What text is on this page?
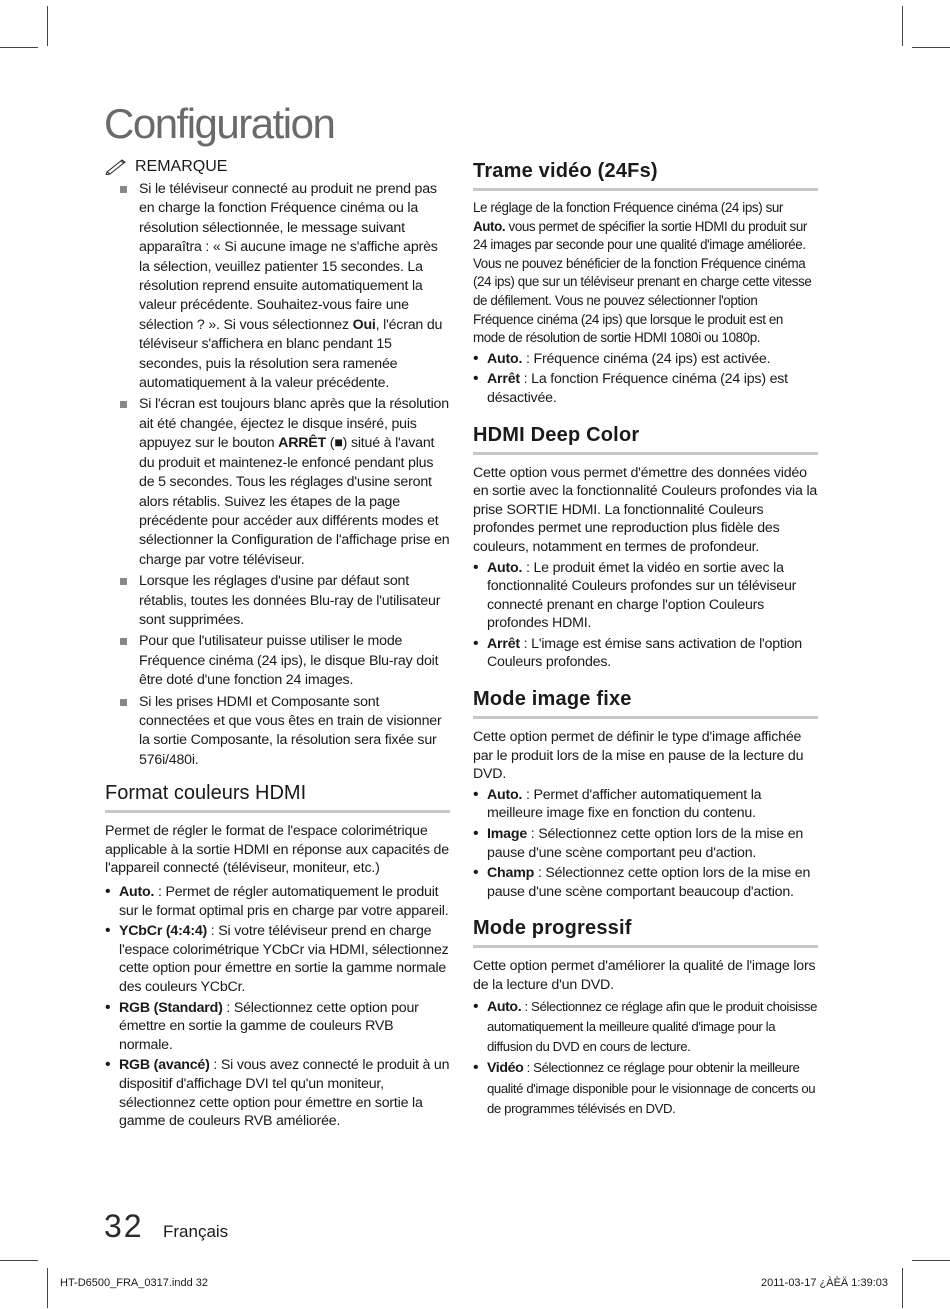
Configuration
REMARQUE
Si le téléviseur connecté au produit ne prend pas en charge la fonction Fréquence cinéma ou la résolution sélectionnée, le message suivant apparaîtra : « Si aucune image ne s'affiche après la sélection, veuillez patienter 15 secondes. La résolution reprend ensuite automatiquement la valeur précédente. Souhaitez-vous faire une sélection ? ». Si vous sélectionnez Oui, l'écran du téléviseur s'affichera en blanc pendant 15 secondes, puis la résolution sera ramenée automatiquement à la valeur précédente.
Si l'écran est toujours blanc après que la résolution ait été changée, éjectez le disque inséré, puis appuyez sur le bouton ARRÊT (■) situé à l'avant du produit et maintenez-le enfoncé pendant plus de 5 secondes. Tous les réglages d'usine seront alors rétablis. Suivez les étapes de la page précédente pour accéder aux différents modes et sélectionner la Configuration de l'affichage prise en charge par votre téléviseur.
Lorsque les réglages d'usine par défaut sont rétablis, toutes les données Blu-ray de l'utilisateur sont supprimées.
Pour que l'utilisateur puisse utiliser le mode Fréquence cinéma (24 ips), le disque Blu-ray doit être doté d'une fonction 24 images.
Si les prises HDMI et Composante sont connectées et que vous êtes en train de visionner la sortie Composante, la résolution sera fixée sur 576i/480i.
Format couleurs HDMI

Permet de régler le format de l'espace colorimétrique applicable à la sortie HDMI en réponse aux capacités de l'appareil connecté (téléviseur, moniteur, etc.)

• Auto. : Permet de régler automatiquement le produit sur le format optimal pris en charge par votre appareil.
• YCbCr (4:4:4) : Si votre téléviseur prend en charge l'espace colorimétrique YCbCr via HDMI, sélectionnez cette option pour émettre en sortie la gamme normale des couleurs YCbCr.
• RGB (Standard) : Sélectionnez cette option pour émettre en sortie la gamme de couleurs RVB normale.
• RGB (avancé) : Si vous avez connecté le produit à un dispositif d'affichage DVI tel qu'un moniteur, sélectionnez cette option pour émettre en sortie la gamme de couleurs RVB améliorée.
Trame vidéo (24Fs)

Le réglage de la fonction Fréquence cinéma (24 ips) sur Auto. vous permet de spécifier la sortie HDMI du produit sur 24 images par seconde pour une qualité d'image améliorée. Vous ne pouvez bénéficier de la fonction Fréquence cinéma (24 ips) que sur un téléviseur prenant en charge cette vitesse de défilement. Vous ne pouvez sélectionner l'option Fréquence cinéma (24 ips) que lorsque le produit est en mode de résolution de sortie HDMI 1080i ou 1080p.

• Auto. : Fréquence cinéma (24 ips) est activée.
• Arrêt : La fonction Fréquence cinéma (24 ips) est désactivée.
HDMI Deep Color

Cette option vous permet d'émettre des données vidéo en sortie avec la fonctionnalité Couleurs profondes via la prise SORTIE HDMI. La fonctionnalité Couleurs profondes permet une reproduction plus fidèle des couleurs, notamment en termes de profondeur.

• Auto. : Le produit émet la vidéo en sortie avec la fonctionnalité Couleurs profondes sur un téléviseur connecté prenant en charge l'option Couleurs profondes HDMI.
• Arrêt : L'image est émise sans activation de l'option Couleurs profondes.
Mode image fixe

Cette option permet de définir le type d'image affichée par le produit lors de la mise en pause de la lecture du DVD.

• Auto. : Permet d'afficher automatiquement la meilleure image fixe en fonction du contenu.
• Image : Sélectionnez cette option lors de la mise en pause d'une scène comportant peu d'action.
• Champ : Sélectionnez cette option lors de la mise en pause d'une scène comportant beaucoup d'action.
Mode progressif

Cette option permet d'améliorer la qualité de l'image lors de la lecture d'un DVD.

• Auto. : Sélectionnez ce réglage afin que le produit choisisse automatiquement la meilleure qualité d'image pour la diffusion du DVD en cours de lecture.
• Vidéo : Sélectionnez ce réglage pour obtenir la meilleure qualité d'image disponible pour le visionnage de concerts ou de programmes télévisés en DVD.
32 Français
HT-D6500_FRA_0317.indd 32	2011-03-17 ¿ÀÈÄ 1:39:03
